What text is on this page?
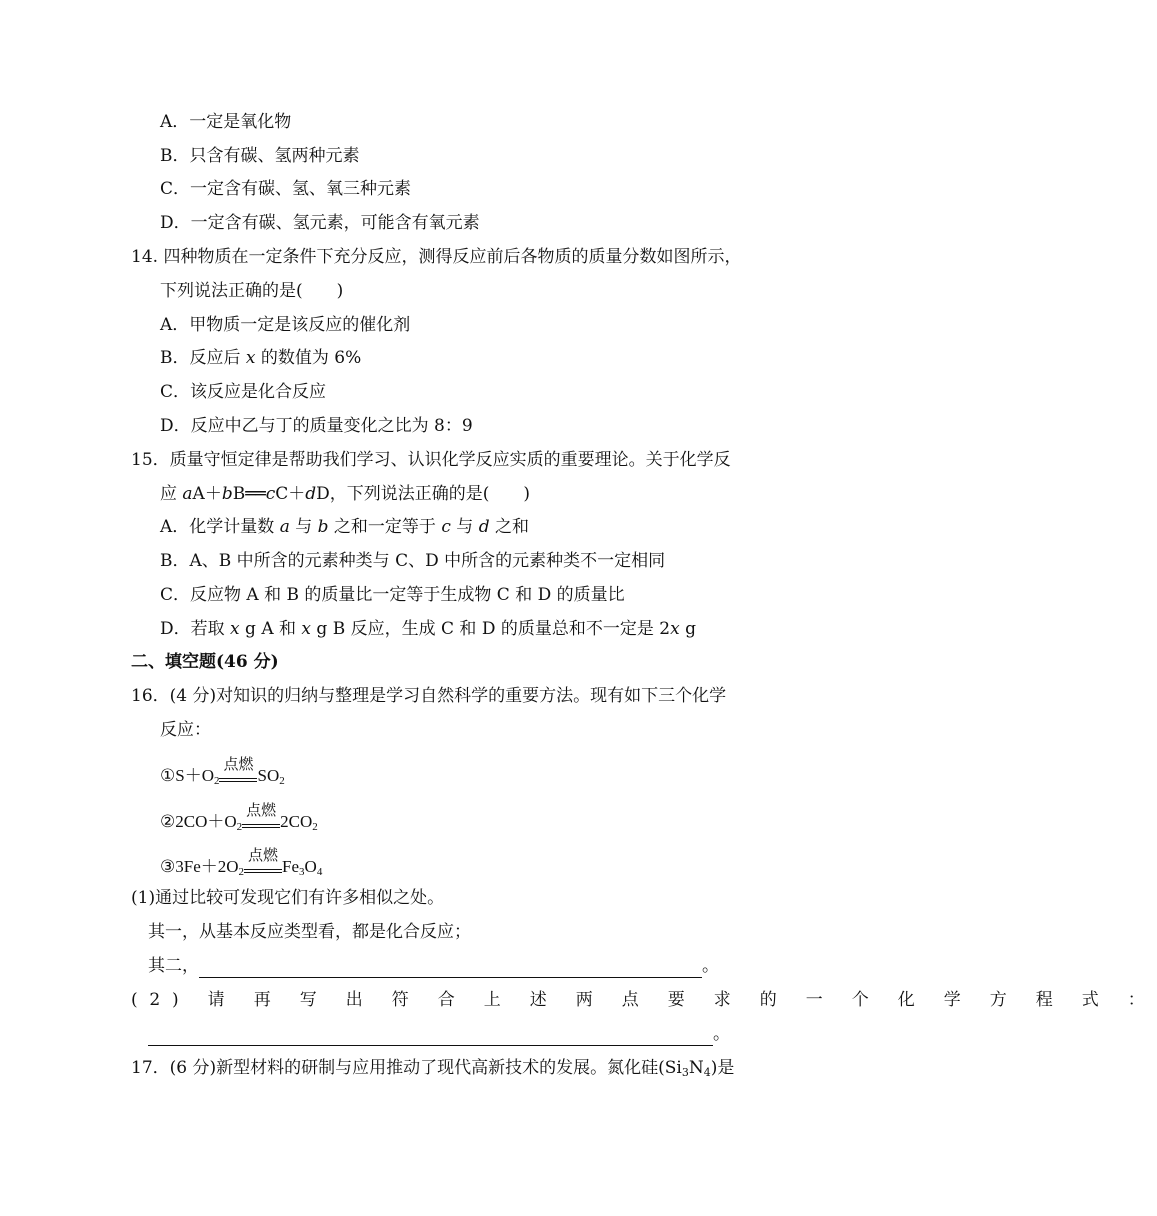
A．一定是氧化物
B．只含有碳、氢两种元素
C．一定含有碳、氢、氧三种元素
D．一定含有碳、氢元素，可能含有氧元素
14. 四种物质在一定条件下充分反应，测得反应前后各物质的质量分数如图所示，
下列说法正确的是(　　)
A．甲物质一定是该反应的催化剂
B．反应后 x 的数值为 6%
C．该反应是化合反应
D．反应中乙与丁的质量变化之比为 8：9
15．质量守恒定律是帮助我们学习、认识化学反应实质的重要理论。关于化学反
应 aA＋bB══cC＋dD，下列说法正确的是(　　)
A．化学计量数 a 与 b 之和一定等于 c 与 d 之和
B．A、B 中所含的元素种类与 C、D 中所含的元素种类不一定相同
C．反应物 A 和 B 的质量比一定等于生成物 C 和 D 的质量比
D．若取 x g A 和 x g B 反应，生成 C 和 D 的质量总和不一定是 2x g
二、填空题(46 分)
16．(4 分)对知识的归纳与整理是学习自然科学的重要方法。现有如下三个化学
反应：
$①S+O_2$
点燃
$SO_2$
$②2CO+O_2$
点燃
$2CO_2$
$③3Fe+2O_2$
点燃
$Fe_3O_4$
(1)通过比较可发现它们有许多相似之处。
其一，从基本反应类型看，都是化合反应；
其二，	。
(2) 请 再 写 出 符 合 上 述 两 点 要 求 的 一 个 化 学 方 程 式 ：
。
17．(6 分)新型材料的研制与应用推动了现代高新技术的发展。氮化硅$(Si_3N_4)$是
